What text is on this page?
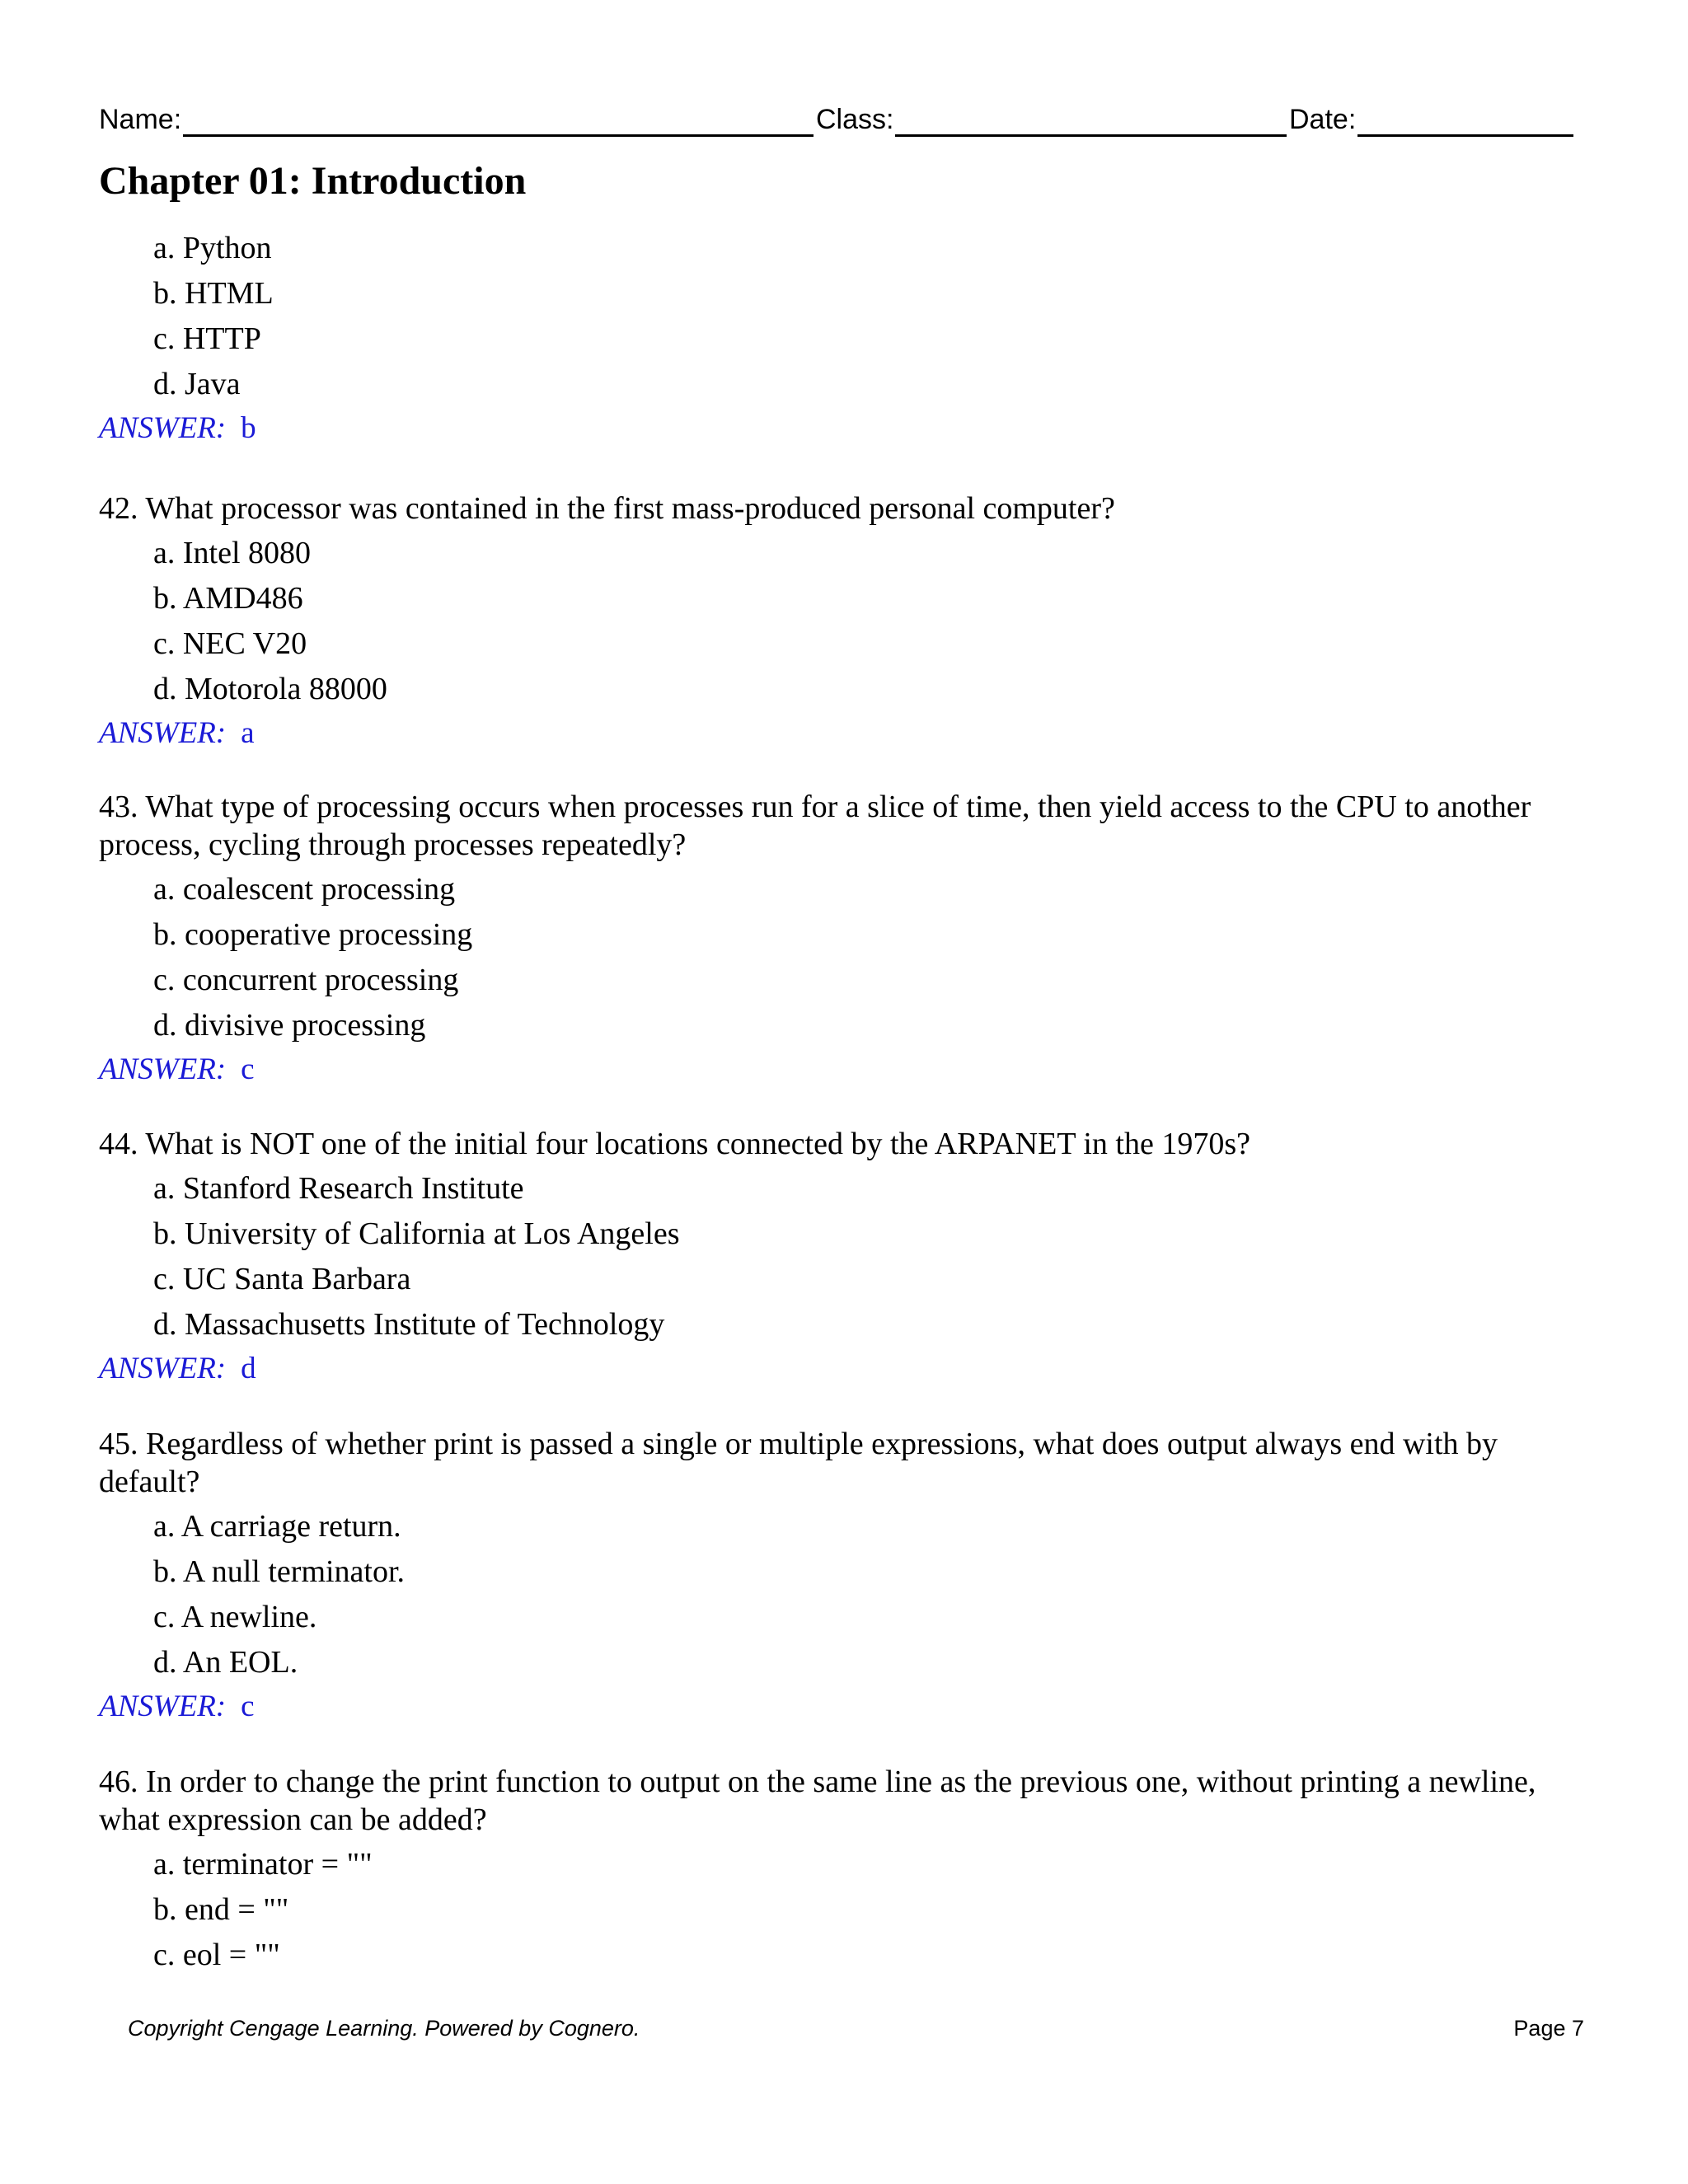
Name:	Class:	Date:
Chapter 01: Introduction
a. Python
b. HTML
c. HTTP
d. Java
ANSWER: b

42. What processor was contained in the first mass-produced personal computer?

a. Intel 8080
b. AMD486
c. NEC V20
d. Motorola 88000
ANSWER: a

43. What type of processing occurs when processes run for a slice of time, then yield access to the CPU to another process, cycling through processes repeatedly?

a. coalescent processing
b. cooperative processing
c. concurrent processing
d. divisive processing
ANSWER: c

44. What is NOT one of the initial four locations connected by the ARPANET in the 1970s?

a. Stanford Research Institute
b. University of California at Los Angeles
c. UC Santa Barbara
d. Massachusetts Institute of Technology
ANSWER: d

45. Regardless of whether print is passed a single or multiple expressions, what does output always end with by default?

a. A carriage return.
b. A null terminator.
c. A newline.
d. An EOL.
ANSWER: c

46. In order to change the print function to output on the same line as the previous one, without printing a newline, what expression can be added?

a. terminator = ""
b. end = ""
c. eol = ""
Copyright Cengage Learning. Powered by Cognero.	Page 7
